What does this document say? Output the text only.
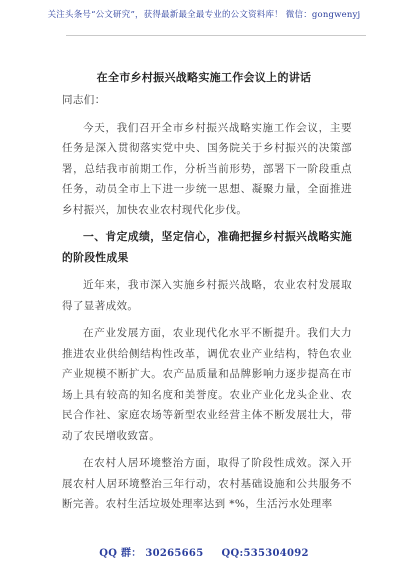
关注头条号“公文研究”，获得最新最全最专业的公文资料库！ 微信：gongwenyj
在全市乡村振兴战略实施工作会议上的讲话

同志们：

今天，我们召开全市乡村振兴战略实施工作会议，主要任务是深入贯彻落实党中央、国务院关于乡村振兴的决策部署，总结我市前期工作，分析当前形势，部署下一阶段重点任务，动员全市上下进一步统一思想、凝聚力量，全面推进乡村振兴，加快农业农村现代化步伐。

一、肯定成绩，坚定信心，准确把握乡村振兴战略实施的阶段性成果

近年来，我市深入实施乡村振兴战略，农业农村发展取得了显著成效。

在产业发展方面，农业现代化水平不断提升。我们大力推进农业供给侧结构性改革，调优农业产业结构，特色农业产业规模不断扩大。农产品质量和品牌影响力逐步提高在市场上具有较高的知名度和美誉度。农业产业化龙头企业、农民合作社、家庭农场等新型农业经营主体不断发展壮大，带动了农民增收致富。

在农村人居环境整治方面，取得了阶段性成效。深入开展农村人居环境整治三年行动，农村基础设施和公共服务不断完善。农村生活垃圾处理率达到 *%，生活污水处理率

QQ 群： 30265665 QQ:535304092
